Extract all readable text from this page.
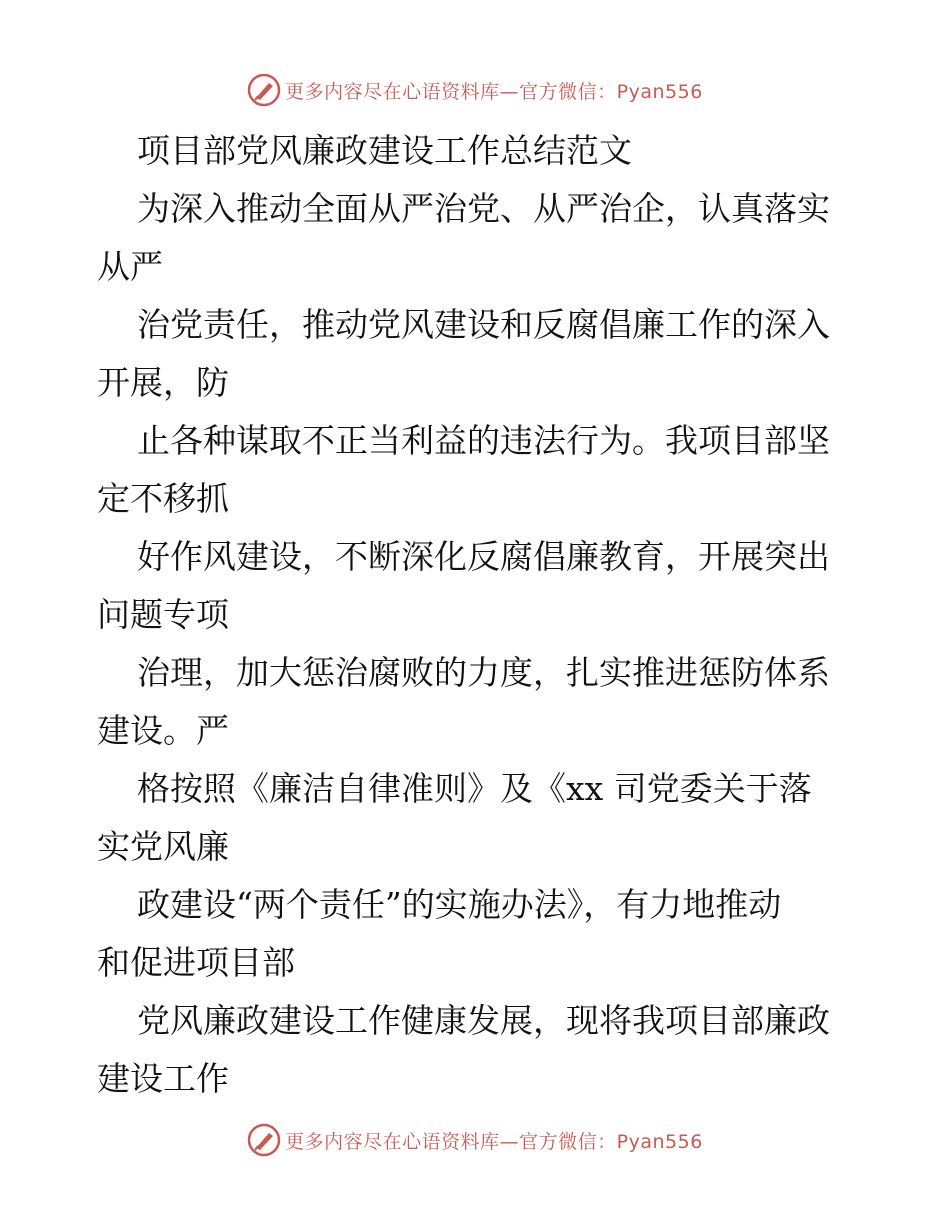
更多内容尽在心语资料库—官方微信：Pyan556
项目部党风廉政建设工作总结范文
为深入推动全面从严治党、从严治企，认真落实
从严
治党责任，推动党风建设和反腐倡廉工作的深入
开展，防
止各种谋取不正当利益的违法行为。我项目部坚
定不移抓
好作风建设，不断深化反腐倡廉教育，开展突出
问题专项
治理，加大惩治腐败的力度，扎实推进惩防体系
建设。严
格按照《廉洁自律准则》及《xx 司党委关于落
实党风廉
政建设“两个责任”的实施办法》，有力地推动
和促进项目部
党风廉政建设工作健康发展，现将我项目部廉政
建设工作
更多内容尽在心语资料库—官方微信：Pyan556
